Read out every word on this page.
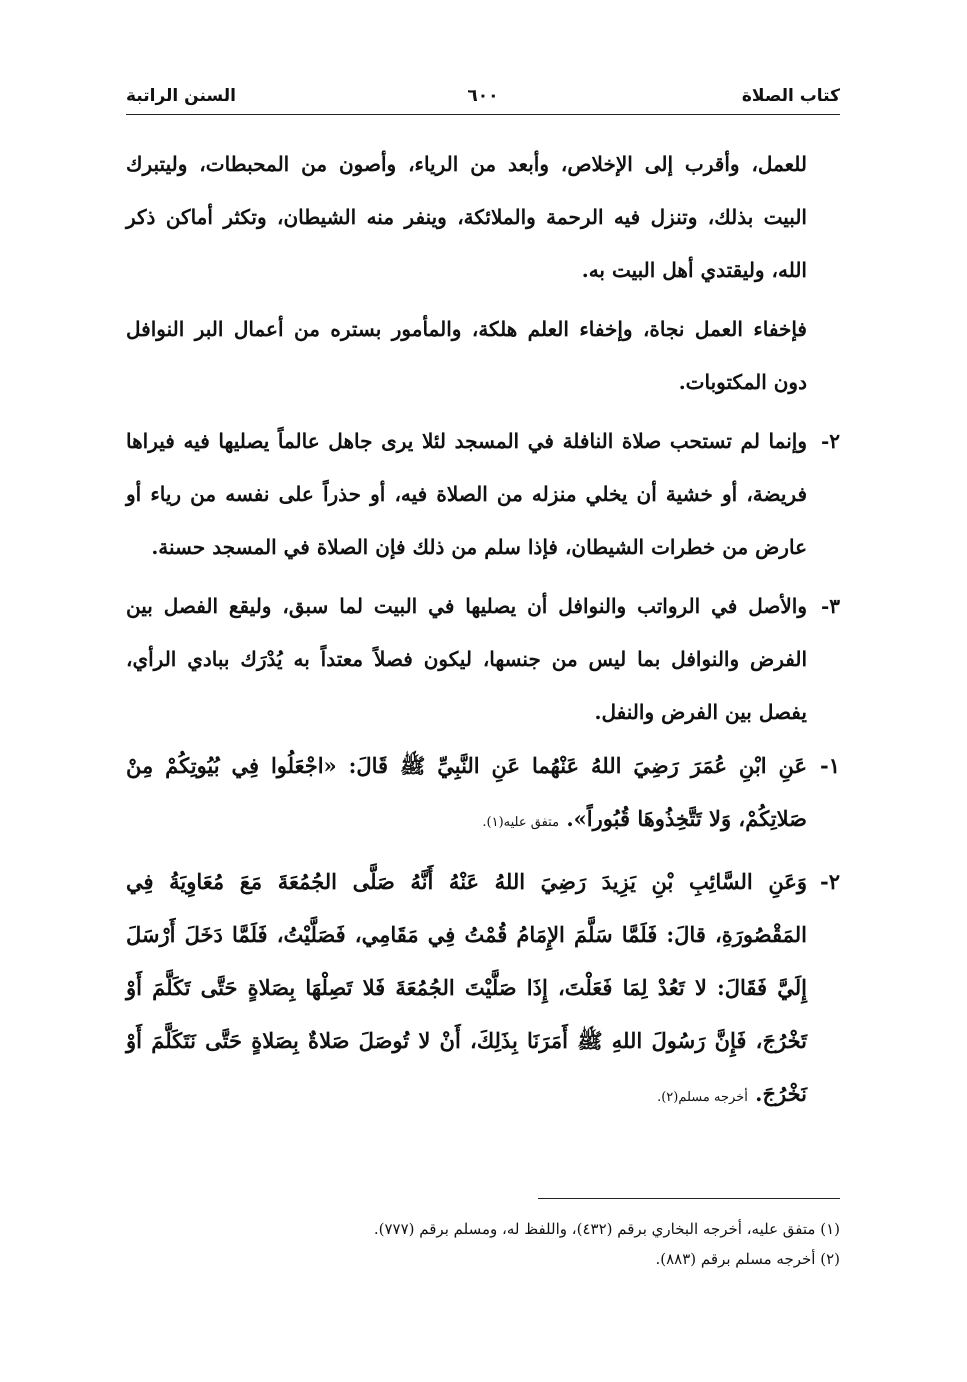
كتاب الصلاة
٦٠٠
السنن الراتبة

للعمل، وأقرب إلى الإخلاص، وأبعد من الرياء، وأصون من المحبطات، وليتبرك البيت بذلك، وتنزل فيه الرحمة والملائكة، وينفر منه الشيطان، وتكثر أماكن ذكر الله، وليقتدي أهل البيت به.

فإخفاء العمل نجاة، وإخفاء العلم هلكة، والمأمور بستره من أعمال البر النوافل دون المكتوبات.

٢-
وإنما لم تستحب صلاة النافلة في المسجد لئلا يرى جاهل عالماً يصليها فيه فيراها فريضة، أو خشية أن يخلي منزله من الصلاة فيه، أو حذراً على نفسه من رياء أو عارض من خطرات الشيطان، فإذا سلم من ذلك فإن الصلاة في المسجد حسنة.
٣-
والأصل في الرواتب والنوافل أن يصليها في البيت لما سبق، وليقع الفصل بين الفرض والنوافل بما ليس من جنسها، ليكون فصلاً معتداً به يُدْرَك ببادي الرأي، يفصل بين الفرض والنفل.
١-
عَنِ ابْنِ عُمَرَ رَضِيَ اللهُ عَنْهُما عَنِ النَّبِيِّ ﷺ قَالَ: «اجْعَلُوا فِي بُيُوتِكُمْ مِنْ صَلاتِكُمْ، وَلا تَتَّخِذُوهَا قُبُوراً». متفق عليه(١).
٢-
وَعَنِ السَّائِبِ بْنِ يَزِيدَ رَضِيَ اللهُ عَنْهُ أَنَّهُ صَلَّى الجُمُعَةَ مَعَ مُعَاوِيَةُ فِي المَقْصُورَةِ، قالَ: فَلَمَّا سَلَّمَ الإِمَامُ قُمْتُ فِي مَقَامِي، فَصَلَّيْتُ، فَلَمَّا دَخَلَ أَرْسَلَ إِلَيَّ فَقَالَ: لا تَعُدْ لِمَا فَعَلْتَ، إِذَا صَلَّيْتَ الجُمُعَةَ فَلا تَصِلْهَا بِصَلاةٍ حَتَّى تَكَلَّمَ أَوْ تَخْرُجَ، فَإِنَّ رَسُولَ اللهِ ﷺ أَمَرَنَا بِذَلِكَ، أَنْ لا تُوصَلَ صَلاةٌ بِصَلاةٍ حَتَّى نَتَكَلَّمَ أَوْ نَخْرُجَ. أخرجه مسلم(٢).

(١) متفق عليه، أخرجه البخاري برقم (٤٣٢)، واللفظ له، ومسلم برقم (٧٧٧).

(٢) أخرجه مسلم برقم (٨٨٣).
